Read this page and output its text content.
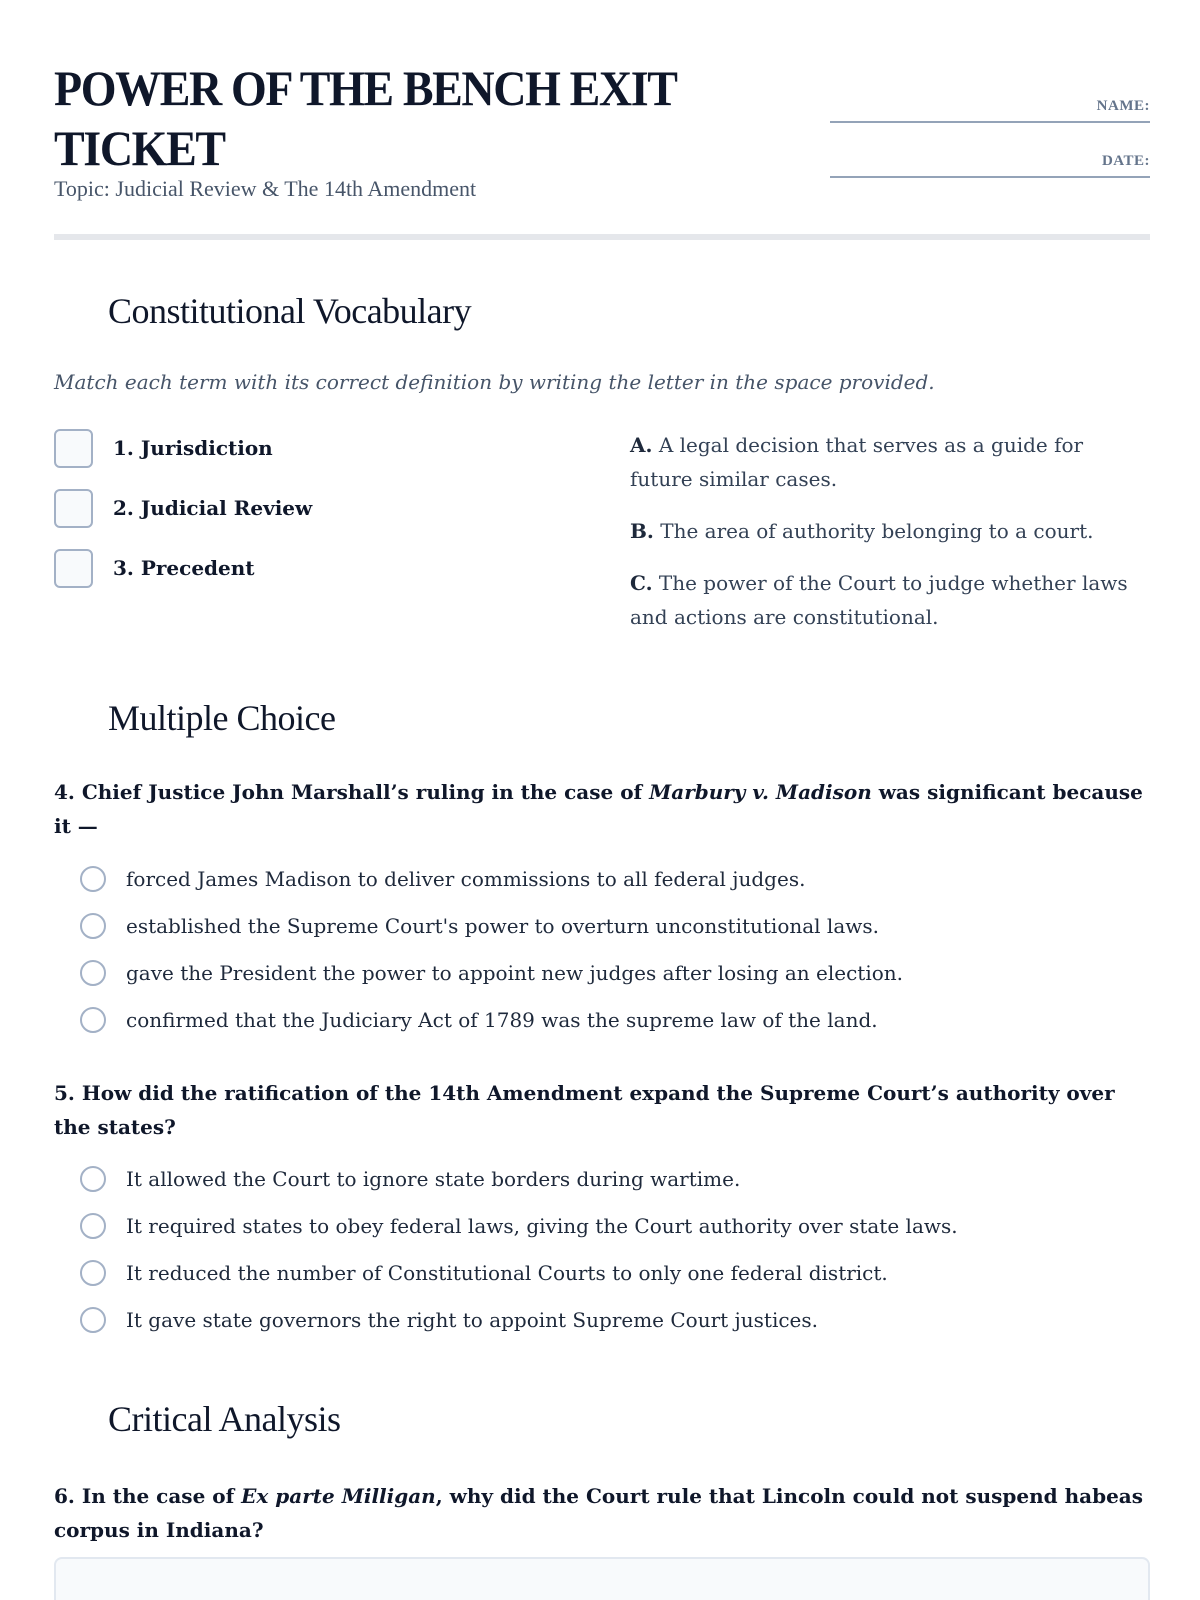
POWER OF THE BENCH EXIT TICKET
Topic: Judicial Review & The 14th Amendment
NAME:
DATE:
Constitutional Vocabulary

Match each term with its correct definition by writing the letter in the space provided.

1. Jurisdiction
2. Judicial Review
3. Precedent

A. A legal decision that serves as a guide for future similar cases.

B. The area of authority belonging to a court.

C. The power of the Court to judge whether laws and actions are constitutional.

Multiple Choice

4. Chief Justice John Marshall’s ruling in the case of Marbury v. Madison was significant because it —

forced James Madison to deliver commissions to all federal judges.
established the Supreme Court's power to overturn unconstitutional laws.
gave the President the power to appoint new judges after losing an election.
confirmed that the Judiciary Act of 1789 was the supreme law of the land.

5. How did the ratification of the 14th Amendment expand the Supreme Court’s authority over the states?

It allowed the Court to ignore state borders during wartime.
It required states to obey federal laws, giving the Court authority over state laws.
It reduced the number of Constitutional Courts to only one federal district.
It gave state governors the right to appoint Supreme Court justices.
Critical Analysis

6. In the case of Ex parte Milligan, why did the Court rule that Lincoln could not suspend habeas corpus in Indiana?
